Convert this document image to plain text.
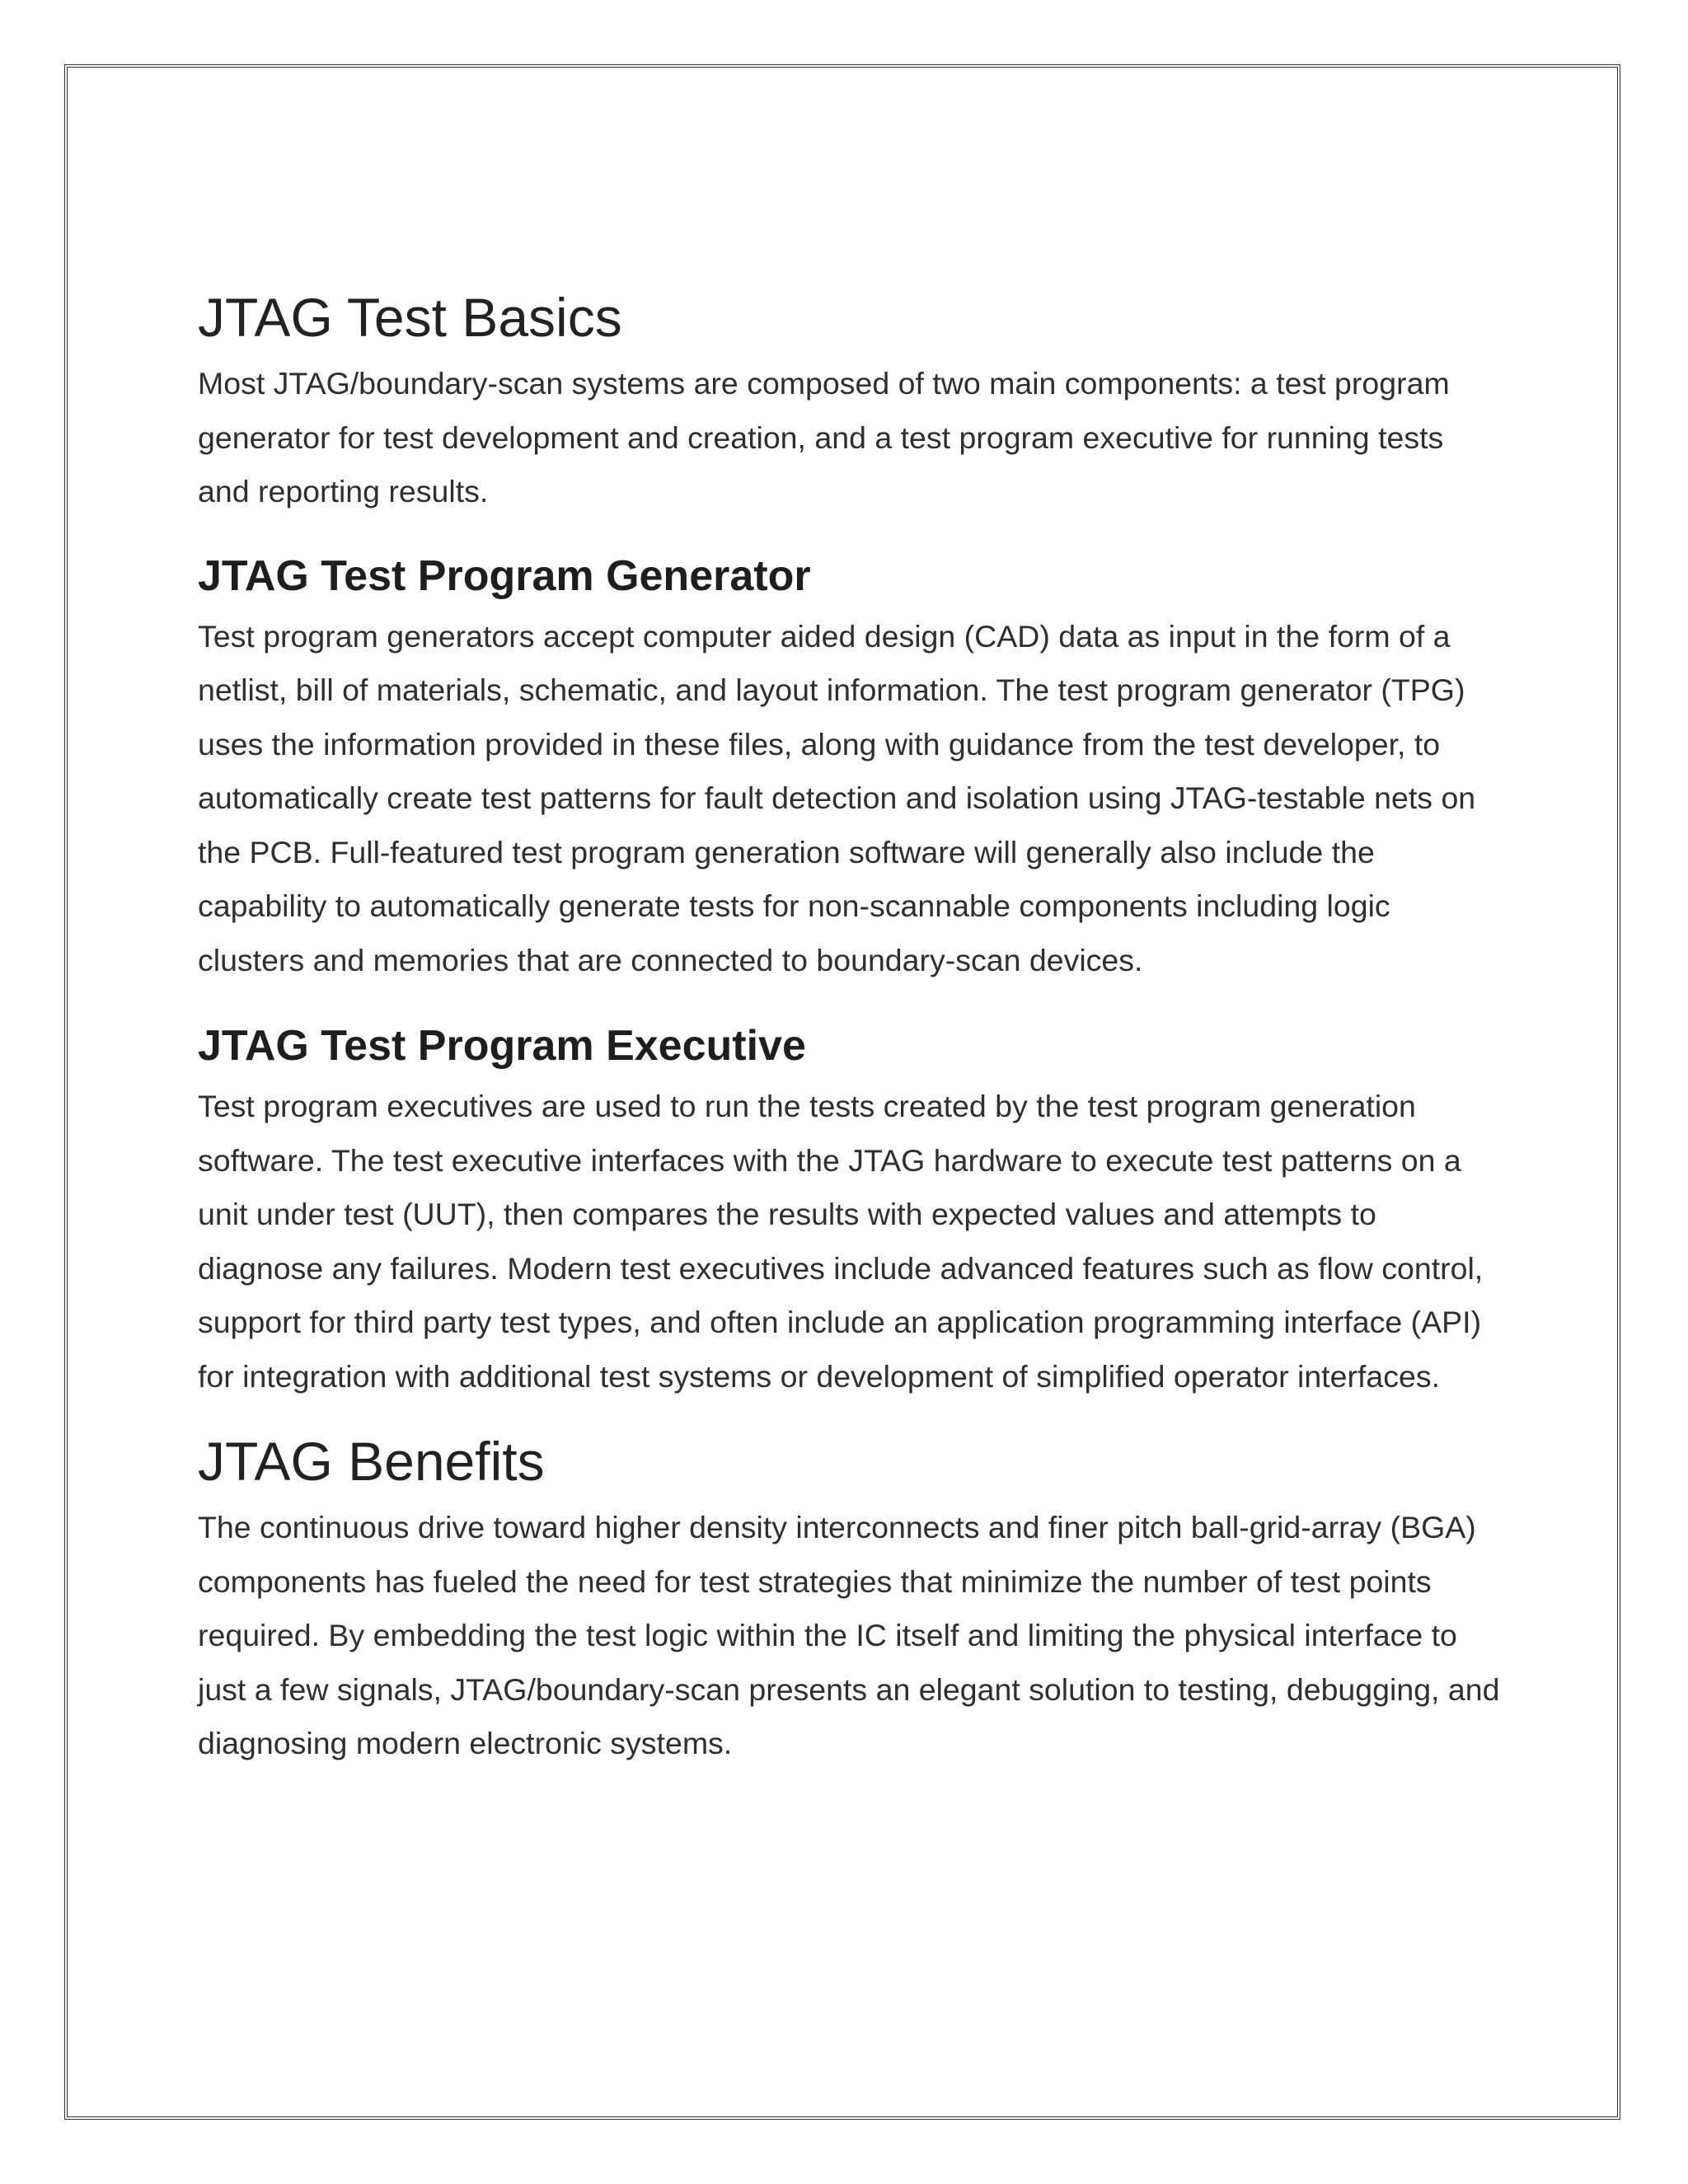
JTAG Test Basics

Most JTAG/boundary-scan systems are composed of two main components: a test program generator for test development and creation, and a test program executive for running tests and reporting results.

JTAG Test Program Generator

Test program generators accept computer aided design (CAD) data as input in the form of a netlist, bill of materials, schematic, and layout information. The test program generator (TPG) uses the information provided in these files, along with guidance from the test developer, to automatically create test patterns for fault detection and isolation using JTAG-testable nets on the PCB. Full-featured test program generation software will generally also include the capability to automatically generate tests for non-scannable components including logic clusters and memories that are connected to boundary-scan devices.

JTAG Test Program Executive

Test program executives are used to run the tests created by the test program generation software. The test executive interfaces with the JTAG hardware to execute test patterns on a unit under test (UUT), then compares the results with expected values and attempts to diagnose any failures. Modern test executives include advanced features such as flow control, support for third party test types, and often include an application programming interface (API) for integration with additional test systems or development of simplified operator interfaces.

JTAG Benefits

The continuous drive toward higher density interconnects and finer pitch ball-grid-array (BGA) components has fueled the need for test strategies that minimize the number of test points required. By embedding the test logic within the IC itself and limiting the physical interface to just a few signals, JTAG/boundary-scan presents an elegant solution to testing, debugging, and diagnosing modern electronic systems.
